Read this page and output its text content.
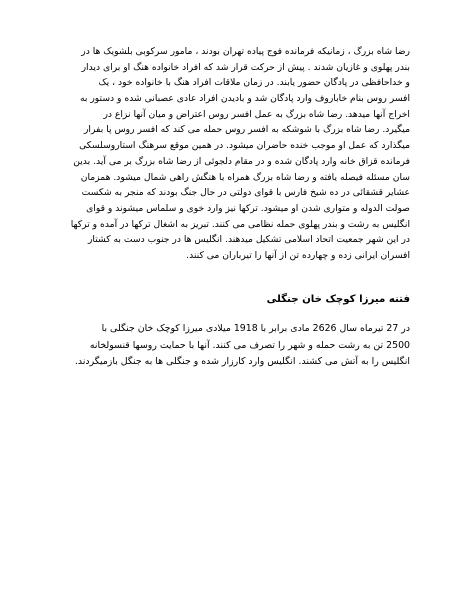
رضا شاه بزرگ ، زمانیکه فرمانده فوج پیاده تهران بودند ، مامور سرکوبی بلشویک ها در
بندر پهلوی و غازیان شدند . پیش از حرکت قرار شد که افراد خانواده هنگ او برای دیدار
و خداحافظی در پادگان حضور یابند. در زمان ملاقات افراد هنگ با خانواده خود ، یک
افسر روس بنام خاباروف وارد پادگان شد و بادیدن افراد عادی عصبانی شده و دستور به
اخراج آنها میدهد. رضا شاه بزرگ به عمل افسر روس اعتراض و میان آنها نزاع در
میگیرد. رضا شاه بزرگ با شوشکه به افسر روس حمله می کند که افسر روس پا بفرار
میگذارد که عمل او موجب خنده حاضران میشود. در همین موقع سرهنگ استاروسلسکی
فرمانده قزاق خانه وارد پادگان شده و در مقام دلجوئی از رضا شاه بزرگ بر می آید. بدین
سان مسئله فیصله یافته و رضا شاه بزرگ همراه با هنگش راهی شمال میشود. همزمان
عشایر قشقائی در ده شیخ فارس با قوای دولتی در حال جنگ بودند که منجر به شکست
صولت الدوله و متواری شدن او میشود. ترکها نیز وارد خوی و سلماس میشوند و قوای
انگلیس به رشت و بندر پهلوی حمله نظامی می کنند. تبریز به اشغال ترکها در آمده و ترکها
در این شهر جمعیت اتحاد اسلامی تشکیل میدهند. انگلیس ها در جنوب دست به کشتار
افسران ایرانی زده و چهارده تن از آنها را تیرباران می کنند.
فتنه میرزا کوچک خان جنگلی
در 27 تیرماه سال 2626 مادی برابر با 1918 میلادی میرزا کوچک خان جنگلی با
2500 تن به رشت حمله و شهر را تصرف می کنند. آنها با حمایت روسها قنسولخانه
انگلیس را به آتش می کشند. انگلیس وارد کارزار شده و جنگلی ها به جنگل بازمیگردند.
